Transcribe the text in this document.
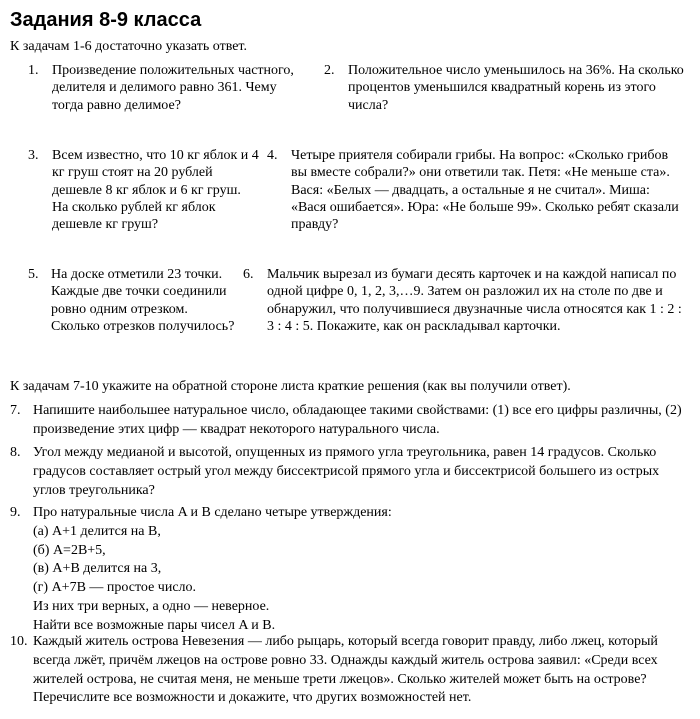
Задания 8-9 класса
К задачам 1-6 достаточно указать ответ.
1. Произведение положительных частного, делителя и делимого равно 361. Чему тогда равно делимое?
2. Положительное число уменьшилось на 36%. На сколько процентов уменьшился квадратный корень из этого числа?
3. Всем известно, что 10 кг яблок и 4 кг груш стоят на 20 рублей дешевле 8 кг яблок и 6 кг груш. На сколько рублей кг яблок дешевле кг груш?
4. Четыре приятеля собирали грибы. На вопрос: «Сколько грибов вы вместе собрали?» они ответили так. Петя: «Не меньше ста». Вася: «Белых — двадцать, а остальные я не считал». Миша: «Вася ошибается». Юра: «Не больше 99». Сколько ребят сказали правду?
5. На доске отметили 23 точки. Каждые две точки соединили ровно одним отрезком. Сколько отрезков получилось?
6. Мальчик вырезал из бумаги десять карточек и на каждой написал по одной цифре 0, 1, 2, 3,…9. Затем он разложил их на столе по две и обнаружил, что получившиеся двузначные числа относятся как 1 : 2 : 3 : 4 : 5. Покажите, как он раскладывал карточки.
К задачам 7-10 укажите на обратной стороне листа краткие решения (как вы получили ответ).
7. Напишите наибольшее натуральное число, обладающее такими свойствами: (1) все его цифры различны, (2) произведение этих цифр — квадрат некоторого натурального числа.
8. Угол между медианой и высотой, опущенных из прямого угла треугольника, равен 14 градусов. Сколько градусов составляет острый угол между биссектрисой прямого угла и биссектрисой большего из острых углов треугольника?
9. Про натуральные числа A и B сделано четыре утверждения:
(а) A+1 делится на B,
(б) A=2B+5,
(в) A+B делится на 3,
(г) A+7B — простое число.
Из них три верных, а одно — неверное.
Найти все возможные пары чисел A и B.
10. Каждый житель острова Невезения — либо рыцарь, который всегда говорит правду, либо лжец, который всегда лжёт, причём лжецов на острове ровно 33. Однажды каждый житель острова заявил: «Среди всех жителей острова, не считая меня, не меньше трети лжецов». Сколько жителей может быть на острове? Перечислите все возможности и докажите, что других возможностей нет.
